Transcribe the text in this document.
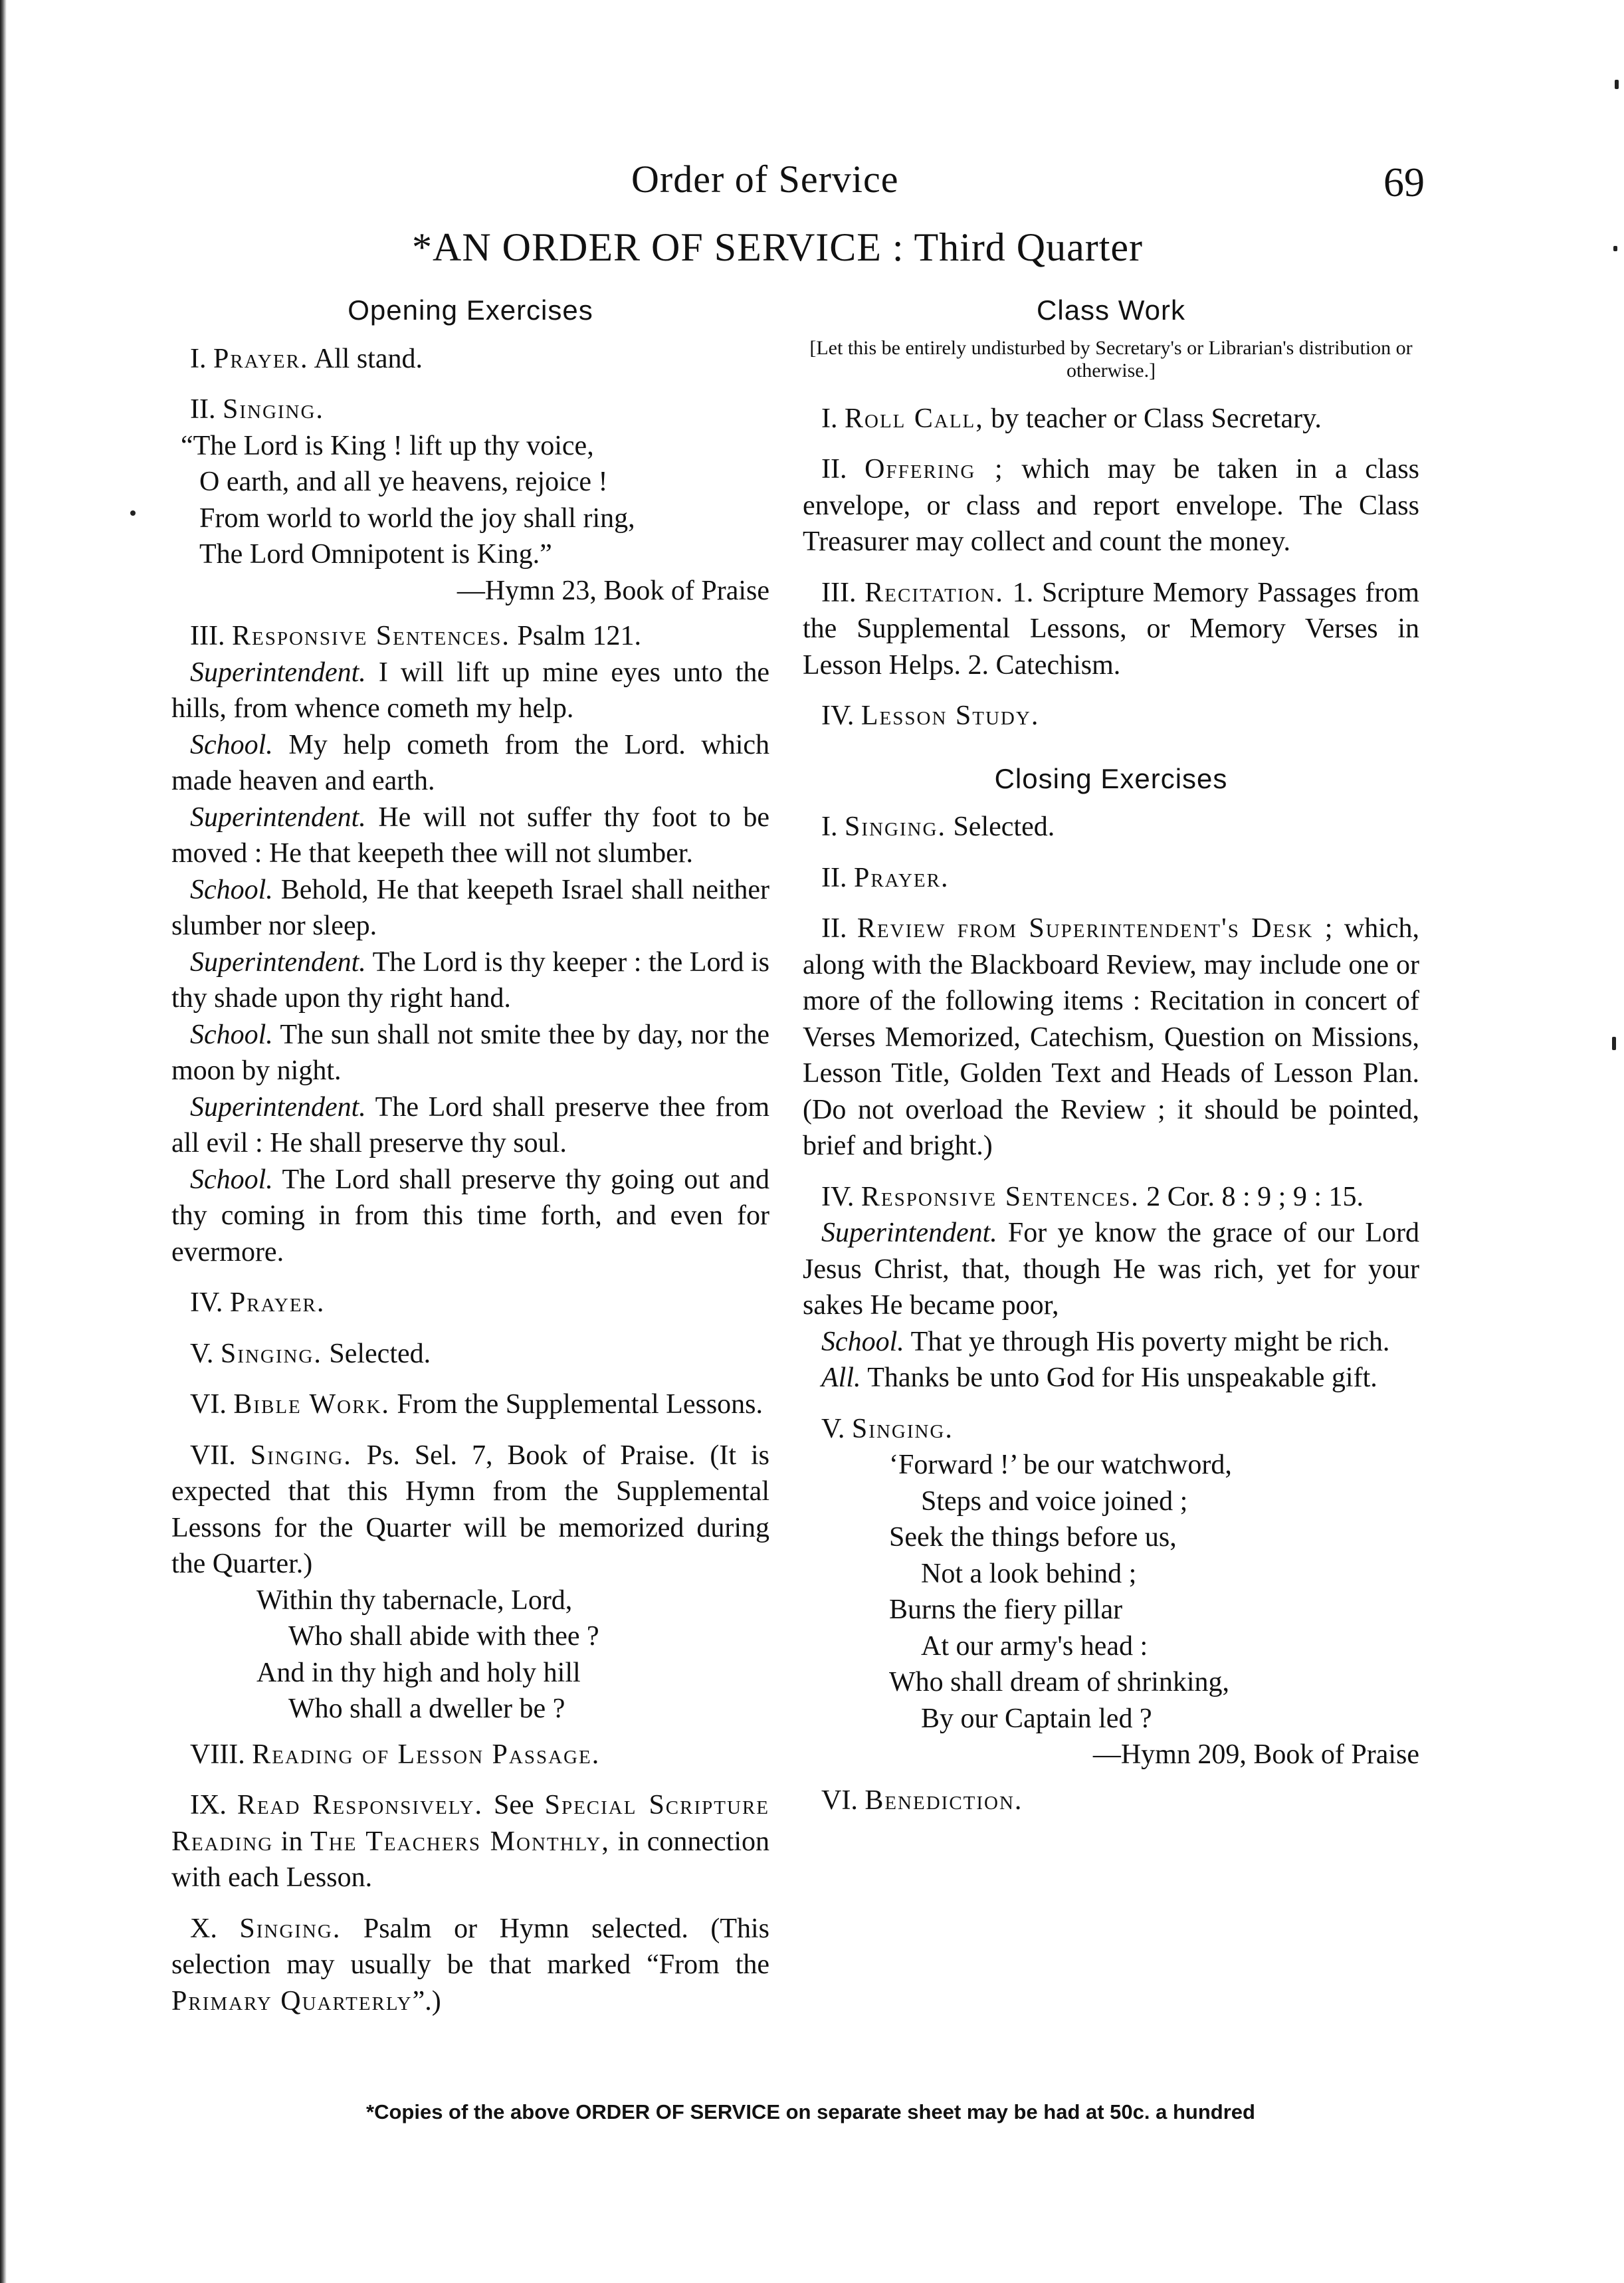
Order of Service	69
*AN ORDER OF SERVICE : Third Quarter
Opening Exercises

I. Prayer. All stand.

II. Singing.

“The Lord is King ! lift up thy voice,
O earth, and all ye heavens, rejoice !
From world to world the joy shall ring,
The Lord Omnipotent is King.”
—Hymn 23, Book of Praise

III. Responsive Sentences. Psalm 121.

Superintendent. I will lift up mine eyes unto the hills, from whence cometh my help.

School. My help cometh from the Lord. which made heaven and earth.

Superintendent. He will not suffer thy foot to be moved : He that keepeth thee will not slumber.

School. Behold, He that keepeth Israel shall neither slumber nor sleep.

Superintendent. The Lord is thy keeper : the Lord is thy shade upon thy right hand.

School. The sun shall not smite thee by day, nor the moon by night.

Superintendent. The Lord shall preserve thee from all evil : He shall preserve thy soul.

School. The Lord shall preserve thy going out and thy coming in from this time forth, and even for evermore.

IV. Prayer.

V. Singing. Selected.

VI. Bible Work. From the Supplemental Lessons.

VII. Singing. Ps. Sel. 7, Book of Praise. (It is expected that this Hymn from the Supplemental Lessons for the Quarter will be memorized during the Quarter.)

Within thy tabernacle, Lord,
Who shall abide with thee ?
And in thy high and holy hill
Who shall a dweller be ?

VIII. Reading of Lesson Passage.

IX. Read Responsively. See Special Scripture Reading in The Teachers Monthly, in connection with each Lesson.

X. Singing. Psalm or Hymn selected. (This selection may usually be that marked “From the Primary Quarterly”.)

Class Work
[Let this be entirely undisturbed by Secretary's or Librarian's distribution or otherwise.]

I. Roll Call, by teacher or Class Secretary.

II. Offering ; which may be taken in a class envelope, or class and report envelope. The Class Treasurer may collect and count the money.

III. Recitation. 1. Scripture Memory Passages from the Supplemental Lessons, or Memory Verses in Lesson Helps. 2. Catechism.

IV. Lesson Study.

Closing Exercises

I. Singing. Selected.

II. Prayer.

II. Review from Superintendent's Desk ; which, along with the Blackboard Review, may include one or more of the following items : Recitation in concert of Verses Memorized, Catechism, Question on Missions, Lesson Title, Golden Text and Heads of Lesson Plan. (Do not overload the Review ; it should be pointed, brief and bright.)

IV. Responsive Sentences. 2 Cor. 8 : 9 ; 9 : 15.

Superintendent. For ye know the grace of our Lord Jesus Christ, that, though He was rich, yet for your sakes He became poor,

School. That ye through His poverty might be rich.

All. Thanks be unto God for His unspeakable gift.

V. Singing.

‘Forward !’ be our watchword,
Steps and voice joined ;
Seek the things before us,
Not a look behind ;
Burns the fiery pillar
At our army's head :
Who shall dream of shrinking,
By our Captain led ?
—Hymn 209, Book of Praise

VI. Benediction.

*Copies of the above ORDER OF SERVICE on separate sheet may be had at 50c. a hundred
